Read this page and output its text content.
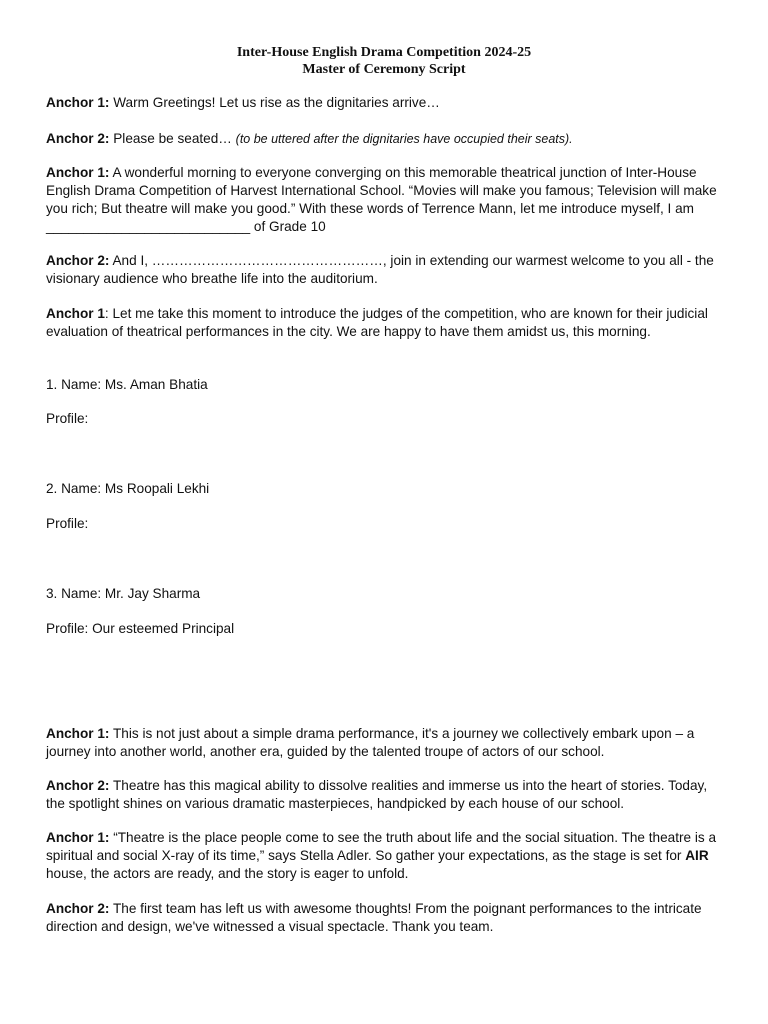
Inter-House English Drama Competition 2024-25
Master of Ceremony Script

Anchor 1: Warm Greetings! Let us rise as the dignitaries arrive…

Anchor 2: Please be seated… (to be uttered after the dignitaries have occupied their seats).

Anchor 1: A wonderful morning to everyone converging on this memorable theatrical junction of Inter-House English Drama Competition of Harvest International School. “Movies will make you famous; Television will make you rich; But theatre will make you good.” With these words of Terrence Mann, let me introduce myself, I am ___________________________ of Grade 10

Anchor 2: And I, ……………………………………………, join in extending our warmest welcome to you all - the visionary audience who breathe life into the auditorium.

Anchor 1: Let me take this moment to introduce the judges of the competition, who are known for their judicial evaluation of theatrical performances in the city. We are happy to have them amidst us, this morning.

1. Name: Ms. Aman Bhatia

Profile:

2. Name: Ms Roopali Lekhi

Profile:

3. Name: Mr. Jay Sharma

Profile: Our esteemed Principal

Anchor 1: This is not just about a simple drama performance, it's a journey we collectively embark upon – a journey into another world, another era, guided by the talented troupe of actors of our school.

Anchor 2: Theatre has this magical ability to dissolve realities and immerse us into the heart of stories. Today, the spotlight shines on various dramatic masterpieces, handpicked by each house of our school.

Anchor 1: “Theatre is the place people come to see the truth about life and the social situation. The theatre is a spiritual and social X-ray of its time,” says Stella Adler. So gather your expectations, as the stage is set for AIR house, the actors are ready, and the story is eager to unfold.

Anchor 2: The first team has left us with awesome thoughts! From the poignant performances to the intricate direction and design, we've witnessed a visual spectacle. Thank you team.
